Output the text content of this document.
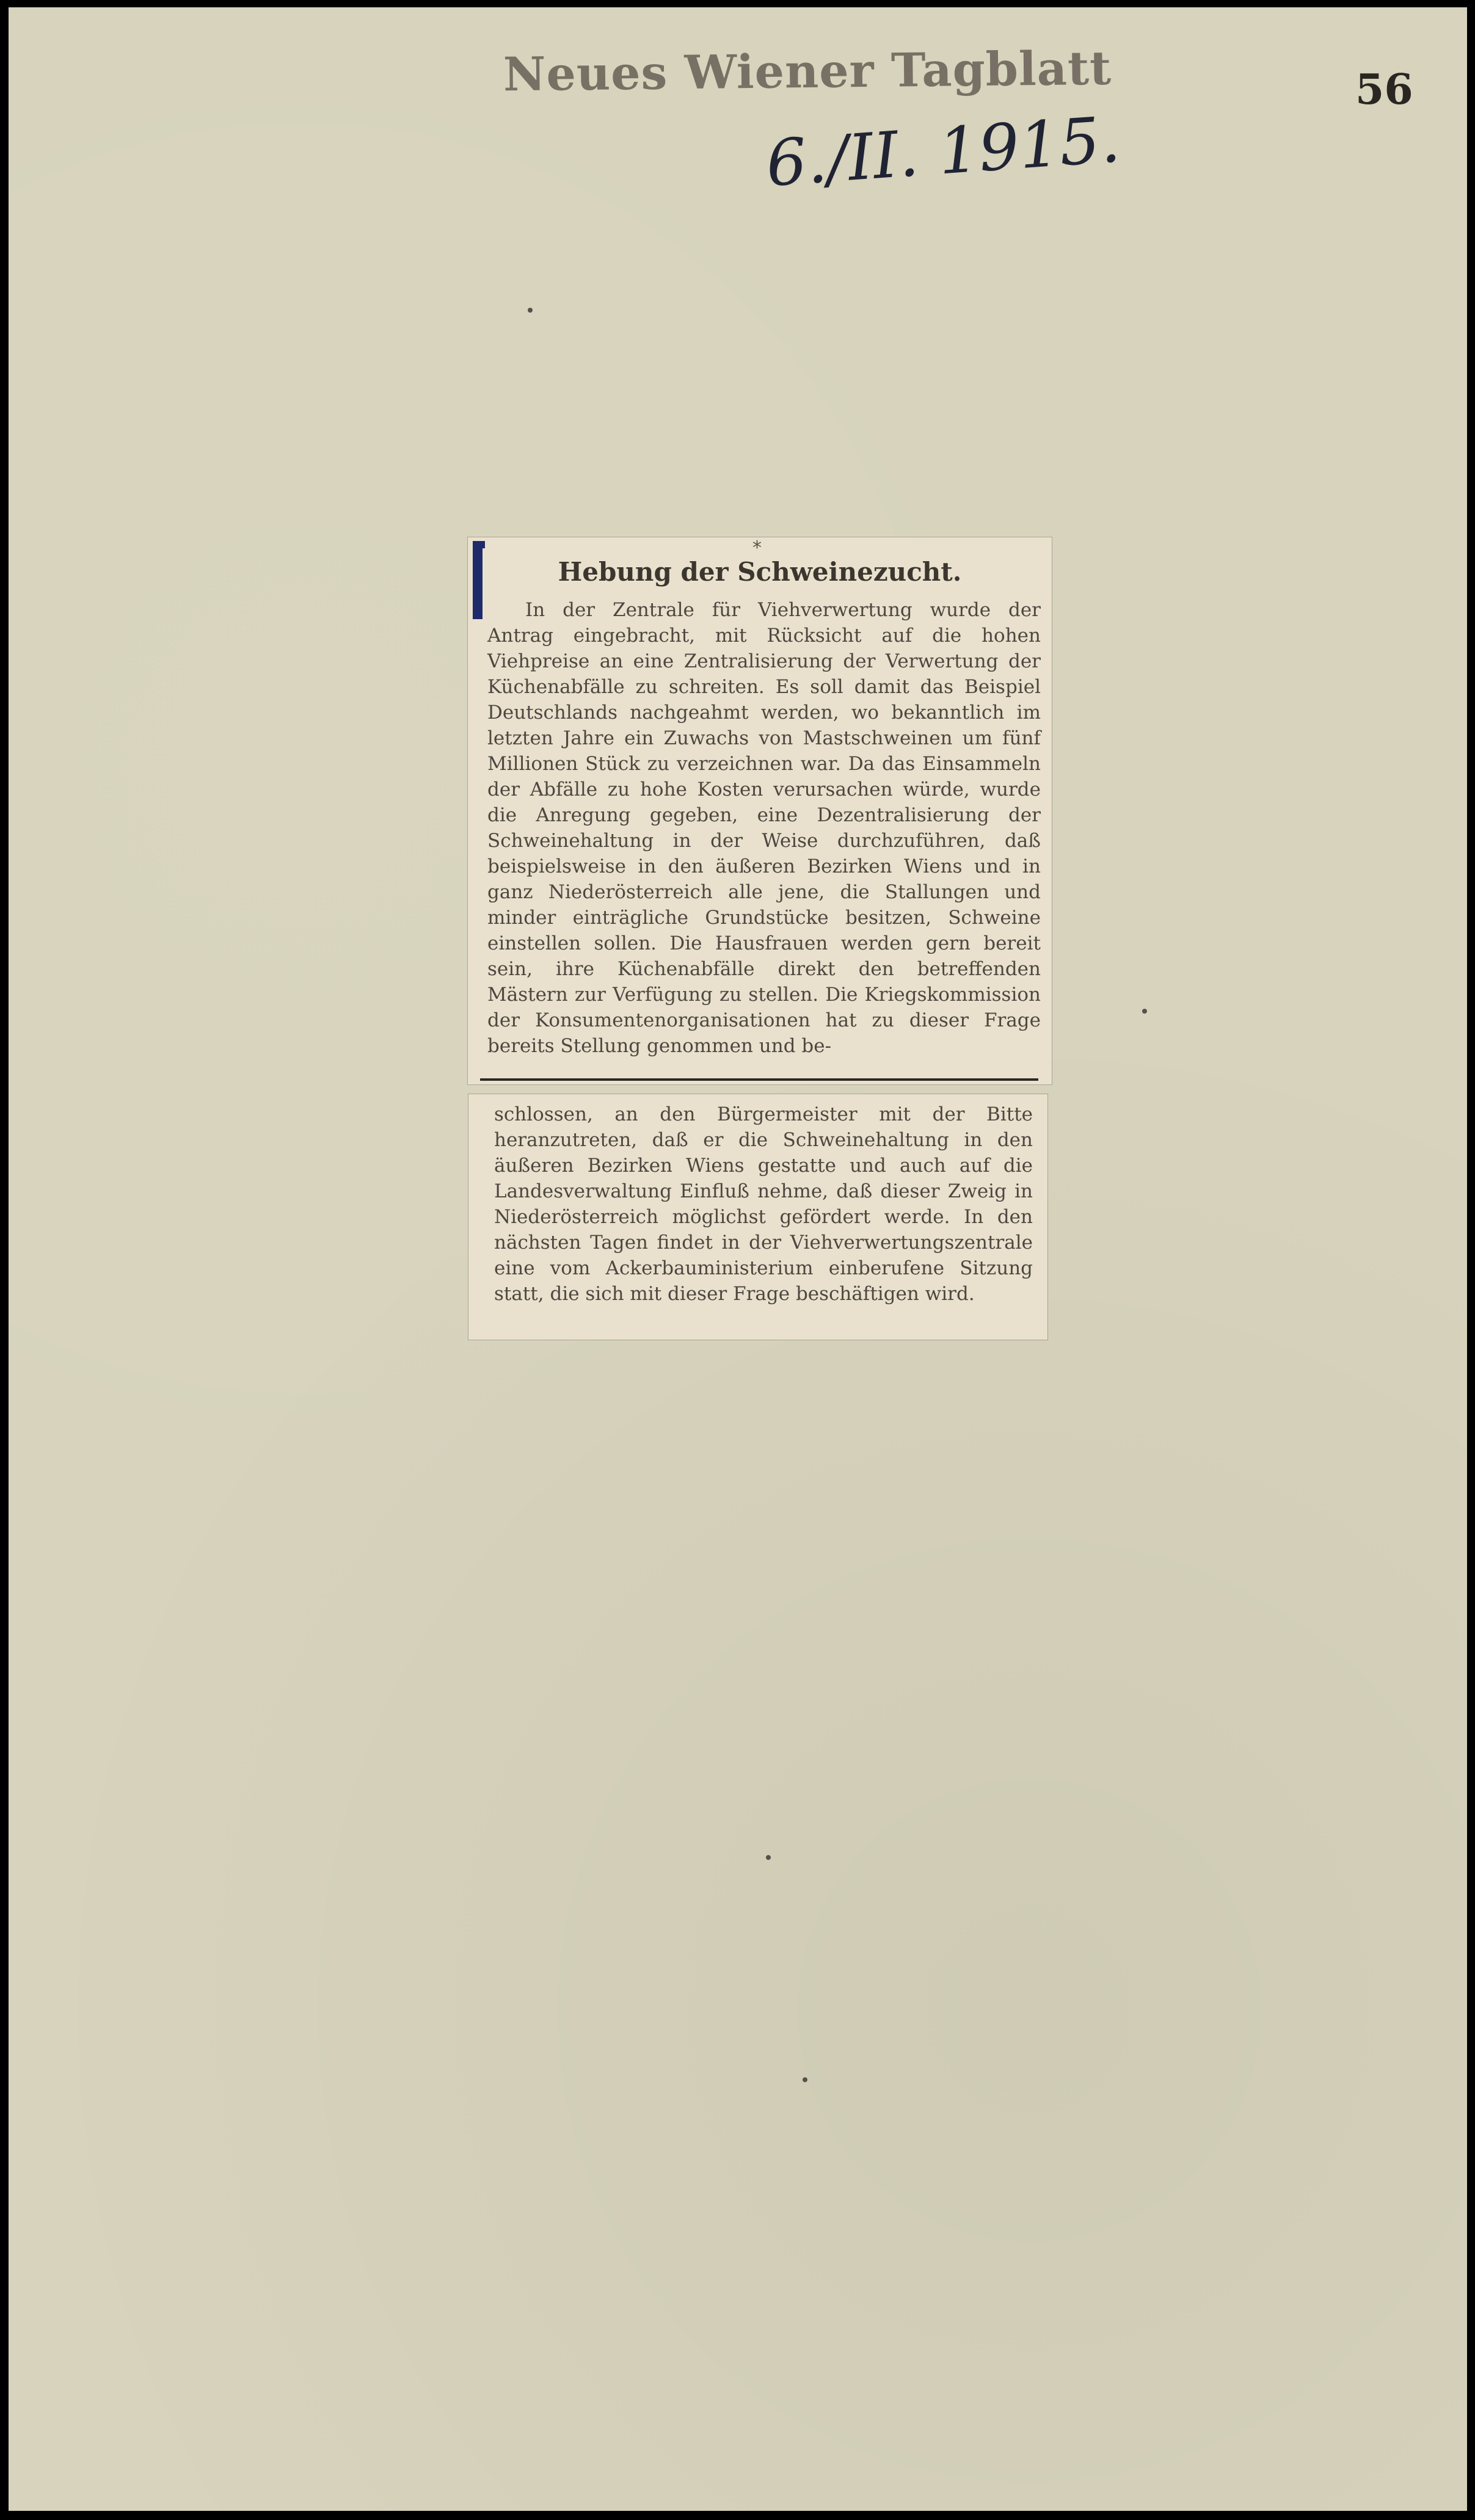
Neues Wiener Tagblatt
6./II. 1915.
56
*
Hebung der Schweinezucht.

In der Zentrale für Viehverwertung wurde der Antrag eingebracht, mit Rücksicht auf die hohen Viehpreise an eine Zentralisierung der Verwertung der Küchenabfälle zu schreiten. Es soll damit das Beispiel Deutschlands nachgeahmt werden, wo bekanntlich im letzten Jahre ein Zuwachs von Mastschweinen um fünf Millionen Stück zu verzeichnen war. Da das Einsammeln der Abfälle zu hohe Kosten verursachen würde, wurde die Anregung gegeben, eine Dezentralisierung der Schweinehaltung in der Weise durchzuführen, daß beispielsweise in den äußeren Bezirken Wiens und in ganz Niederösterreich alle jene, die Stallungen und minder einträgliche Grundstücke besitzen, Schweine einstellen sollen. Die Hausfrauen werden gern bereit sein, ihre Küchenabfälle direkt den betreffenden Mästern zur Verfügung zu stellen. Die Kriegskommission der Konsumentenorganisationen hat zu dieser Frage bereits Stellung genommen und be-

schlossen, an den Bürgermeister mit der Bitte heranzutreten, daß er die Schweinehaltung in den äußeren Bezirken Wiens gestatte und auch auf die Landesverwaltung Einfluß nehme, daß dieser Zweig in Niederösterreich möglichst gefördert werde. In den nächsten Tagen findet in der Viehverwertungszentrale eine vom Ackerbauministerium einberufene Sitzung statt, die sich mit dieser Frage beschäftigen wird.
